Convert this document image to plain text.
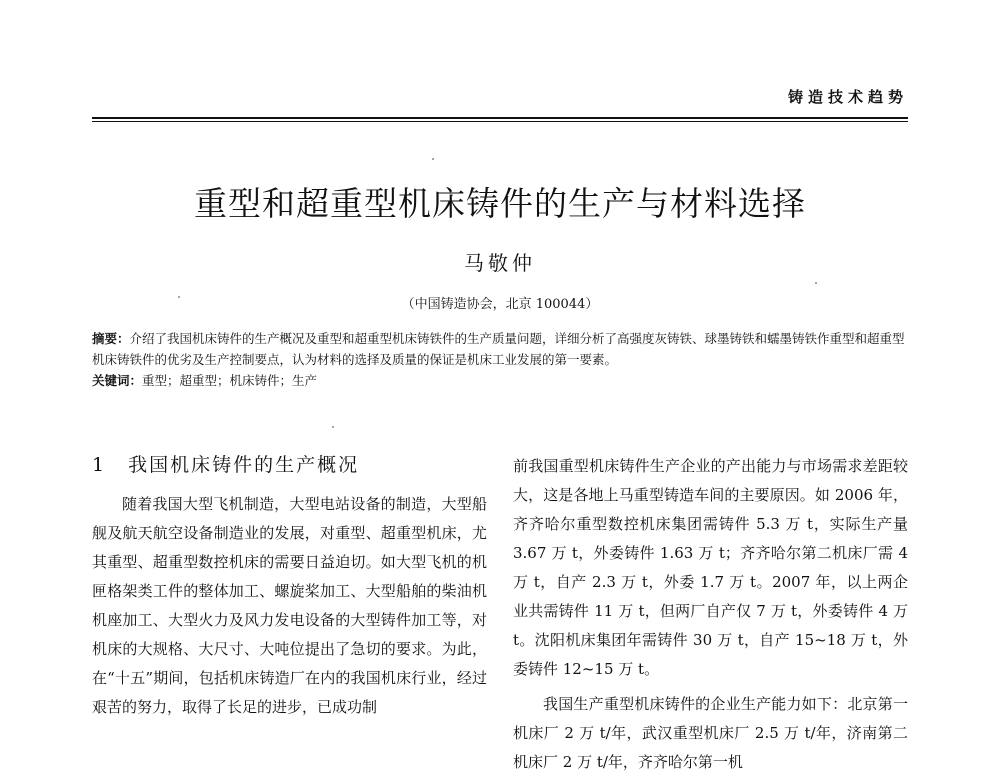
铸造技术趋势
重型和超重型机床铸件的生产与材料选择
马敬仲
（中国铸造协会，北京 100044）

摘要：介绍了我国机床铸件的生产概况及重型和超重型机床铸铁件的生产质量问题，详细分析了高强度灰铸铁、球墨铸铁和蠕墨铸铁作重型和超重型机床铸铁件的优劣及生产控制要点，认为材料的选择及质量的保证是机床工业发展的第一要素。

关键词：重型；超重型；机床铸件；生产

1 我国机床铸件的生产概况

随着我国大型飞机制造，大型电站设备的制造，大型船舰及航天航空设备制造业的发展，对重型、超重型机床，尤其重型、超重型数控机床的需要日益迫切。如大型飞机的机匣格架类工件的整体加工、螺旋桨加工、大型船舶的柴油机机座加工、大型火力及风力发电设备的大型铸件加工等，对机床的大规格、大尺寸、大吨位提出了急切的要求。为此，在“十五”期间，包括机床铸造厂在内的我国机床行业，经过艰苦的努力，取得了长足的进步，已成功制

前我国重型机床铸件生产企业的产出能力与市场需求差距较大，这是各地上马重型铸造车间的主要原因。如 2006 年，齐齐哈尔重型数控机床集团需铸件 5.3 万 t，实际生产量 3.67 万 t，外委铸件 1.63 万 t；齐齐哈尔第二机床厂需 4 万 t，自产 2.3 万 t，外委 1.7 万 t。2007 年，以上两企业共需铸件 11 万 t，但两厂自产仅 7 万 t，外委铸件 4 万 t。沈阳机床集团年需铸件 30 万 t，自产 15~18 万 t，外委铸件 12~15 万 t。

我国生产重型机床铸件的企业生产能力如下：北京第一机床厂 2 万 t/年，武汉重型机床厂 2.5 万 t/年，济南第二机床厂 2 万 t/年，齐齐哈尔第一机
